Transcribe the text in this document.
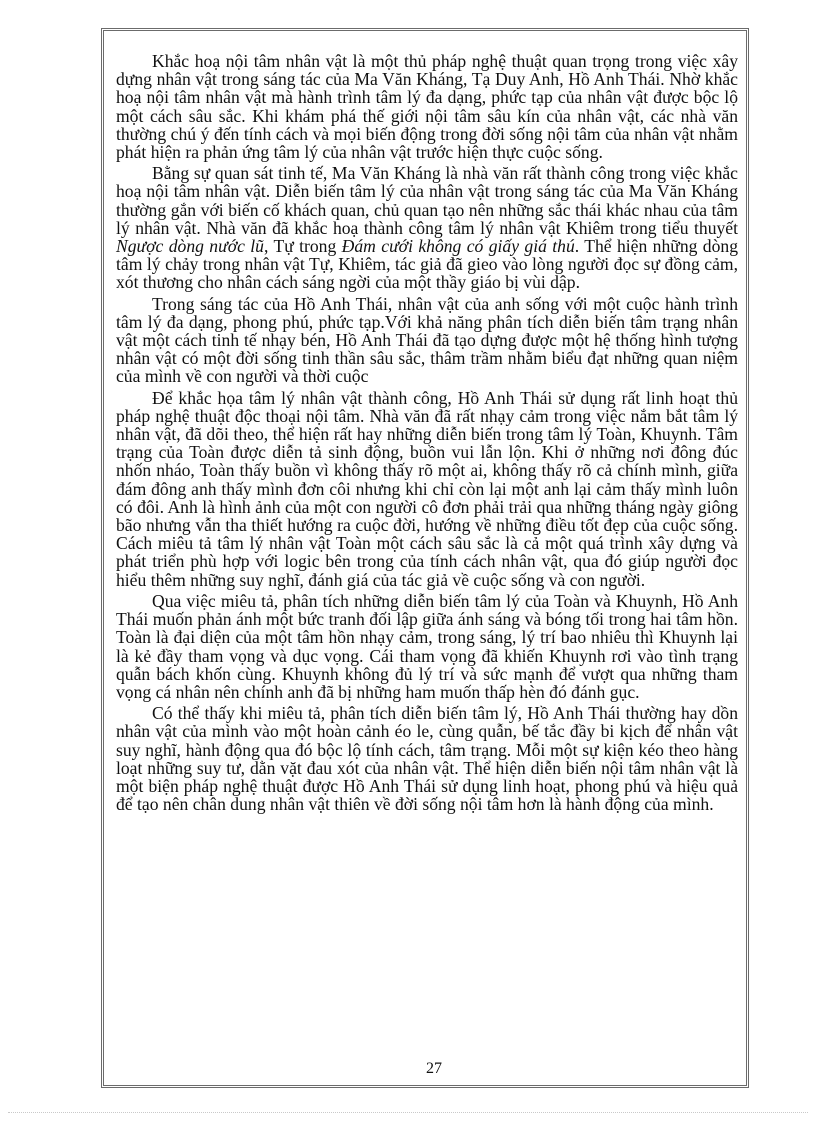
Khắc hoạ nội tâm nhân vật là một thủ pháp nghệ thuật quan trọng trong việc xây dựng nhân vật trong sáng tác của Ma Văn Kháng, Tạ Duy Anh, Hồ Anh Thái. Nhờ khắc hoạ nội tâm nhân vật mà hành trình tâm lý đa dạng, phức tạp của nhân vật được bộc lộ một cách sâu sắc. Khi khám phá thế giới nội tâm sâu kín của nhân vật, các nhà văn thường chú ý đến tính cách và mọi biến động trong đời sống nội tâm của nhân vật nhằm phát hiện ra phản ứng tâm lý của nhân vật trước hiện thực cuộc sống.

Bằng sự quan sát tinh tế, Ma Văn Kháng là nhà văn rất thành công trong việc khắc hoạ nội tâm nhân vật. Diễn biến tâm lý của nhân vật trong sáng tác của Ma Văn Kháng thường gắn với biến cố khách quan, chủ quan tạo nên những sắc thái khác nhau của tâm lý nhân vật. Nhà văn đã khắc hoạ thành công tâm lý nhân vật Khiêm trong tiểu thuyết Ngược dòng nước lũ, Tự trong Đám cưới không có giấy giá thú. Thể hiện những dòng tâm lý chảy trong nhân vật Tự, Khiêm, tác giả đã gieo vào lòng người đọc sự đồng cảm, xót thương cho nhân cách sáng ngời của một thầy giáo bị vùi dập.

Trong sáng tác của Hồ Anh Thái, nhân vật của anh sống với một cuộc hành trình tâm lý đa dạng, phong phú, phức tạp.Với khả năng phân tích diễn biến tâm trạng nhân vật một cách tinh tế nhạy bén, Hồ Anh Thái đã tạo dựng được một hệ thống hình tượng nhân vật có một đời sống tinh thần sâu sắc, thâm trầm nhằm biểu đạt những quan niệm của mình về con người và thời cuộc

Để khắc họa tâm lý nhân vật thành công, Hồ Anh Thái sử dụng rất linh hoạt thủ pháp nghệ thuật độc thoại nội tâm. Nhà văn đã rất nhạy cảm trong việc nắm bắt tâm lý nhân vật, đã dõi theo, thể hiện rất hay những diễn biến trong tâm lý Toàn, Khuynh. Tâm trạng của Toàn được diễn tả sinh động, buồn vui lẫn lộn. Khi ở những nơi đông đúc nhốn nháo, Toàn thấy buồn vì không thấy rõ một ai, không thấy rõ cả chính mình, giữa đám đông anh thấy mình đơn côi nhưng khi chỉ còn lại một anh lại cảm thấy mình luôn có đôi. Anh là hình ảnh của một con người cô đơn phải trải qua những tháng ngày giông bão nhưng vẫn tha thiết hướng ra cuộc đời, hướng về những điều tốt đẹp của cuộc sống. Cách miêu tả tâm lý nhân vật Toàn một cách sâu sắc là cả một quá trình xây dựng và phát triển phù hợp với logic bên trong của tính cách nhân vật, qua đó giúp người đọc hiểu thêm những suy nghĩ, đánh giá của tác giả về cuộc sống và con người.

Qua việc miêu tả, phân tích những diễn biến tâm lý của Toàn và Khuynh, Hồ Anh Thái muốn phản ánh một bức tranh đối lập giữa ánh sáng và bóng tối trong hai tâm hồn. Toàn là đại diện của một tâm hồn nhạy cảm, trong sáng, lý trí bao nhiêu thì Khuynh lại là kẻ đầy tham vọng và dục vọng. Cái tham vọng đã khiến Khuynh rơi vào tình trạng quẫn bách khốn cùng. Khuynh không đủ lý trí và sức mạnh để vượt qua những tham vọng cá nhân nên chính anh đã bị những ham muốn thấp hèn đó đánh gục.

Có thể thấy khi miêu tả, phân tích diễn biến tâm lý, Hồ Anh Thái thường hay dồn nhân vật của mình vào một hoàn cảnh éo le, cùng quẫn, bế tắc đầy bi kịch để nhân vật suy nghĩ, hành động qua đó bộc lộ tính cách, tâm trạng. Mỗi một sự kiện kéo theo hàng loạt những suy tư, dằn vặt đau xót của nhân vật. Thể hiện diễn biến nội tâm nhân vật là một biện pháp nghệ thuật được Hồ Anh Thái sử dụng linh hoạt, phong phú và hiệu quả để tạo nên chân dung nhân vật thiên về đời sống nội tâm hơn là hành động của mình.

27
